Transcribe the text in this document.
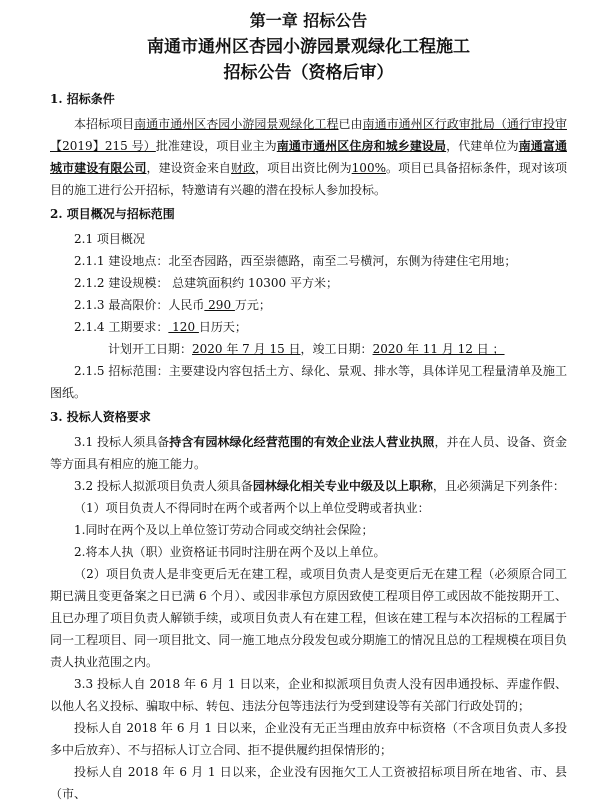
第一章 招标公告

南通市通州区杏园小游园景观绿化工程施工

招标公告（资格后审）

1. 招标条件

本招标项目南通市通州区杏园小游园景观绿化工程已由南通市通州区行政审批局（通行审投审【2019】215 号）批准建设，项目业主为南通市通州区住房和城乡建设局，代建单位为南通富通城市建设有限公司，建设资金来自财政，项目出资比例为100%。项目已具备招标条件，现对该项目的施工进行公开招标，特邀请有兴趣的潜在投标人参加投标。

2. 项目概况与招标范围

2.1 项目概况

2.1.1 建设地点：北至杏园路，西至崇德路，南至二号横河，东侧为待建住宅用地；

2.1.2 建设规模： 总建筑面积约 10300 平方米；

2.1.3 最高限价：人民币 290 万元；

2.1.4 工期要求： 120 日历天；

计划开工日期：2020 年 7 月 15 日，竣工日期：2020 年 11 月 12 日 ；

2.1.5 招标范围：主要建设内容包括土方、绿化、景观、排水等，具体详见工程量清单及施工图纸。

3. 投标人资格要求

3.1 投标人须具备持含有园林绿化经营范围的有效企业法人营业执照，并在人员、设备、资金等方面具有相应的施工能力。

3.2 投标人拟派项目负责人须具备园林绿化相关专业中级及以上职称，且必须满足下列条件：

（1）项目负责人不得同时在两个或者两个以上单位受聘或者执业：

1.同时在两个及以上单位签订劳动合同或交纳社会保险；

2.将本人执（职）业资格证书同时注册在两个及以上单位。

（2）项目负责人是非变更后无在建工程，或项目负责人是变更后无在建工程（必须原合同工期已满且变更备案之日已满 6 个月）、或因非承包方原因致使工程项目停工或因故不能按期开工、且已办理了项目负责人解锁手续，或项目负责人有在建工程，但该在建工程与本次招标的工程属于同一工程项目、同一项目批文、同一施工地点分段发包或分期施工的情况且总的工程规模在项目负责人执业范围之内。

3.3 投标人自 2018 年 6 月 1 日以来，企业和拟派项目负责人没有因串通投标、弄虚作假、以他人名义投标、骗取中标、转包、违法分包等违法行为受到建设等有关部门行政处罚的；

投标人自 2018 年 6 月 1 日以来，企业没有无正当理由放弃中标资格（不含项目负责人多投多中后放弃）、不与招标人订立合同、拒不提供履约担保情形的；

投标人自 2018 年 6 月 1 日以来，企业没有因拖欠工人工资被招标项目所在地省、市、县（市、
